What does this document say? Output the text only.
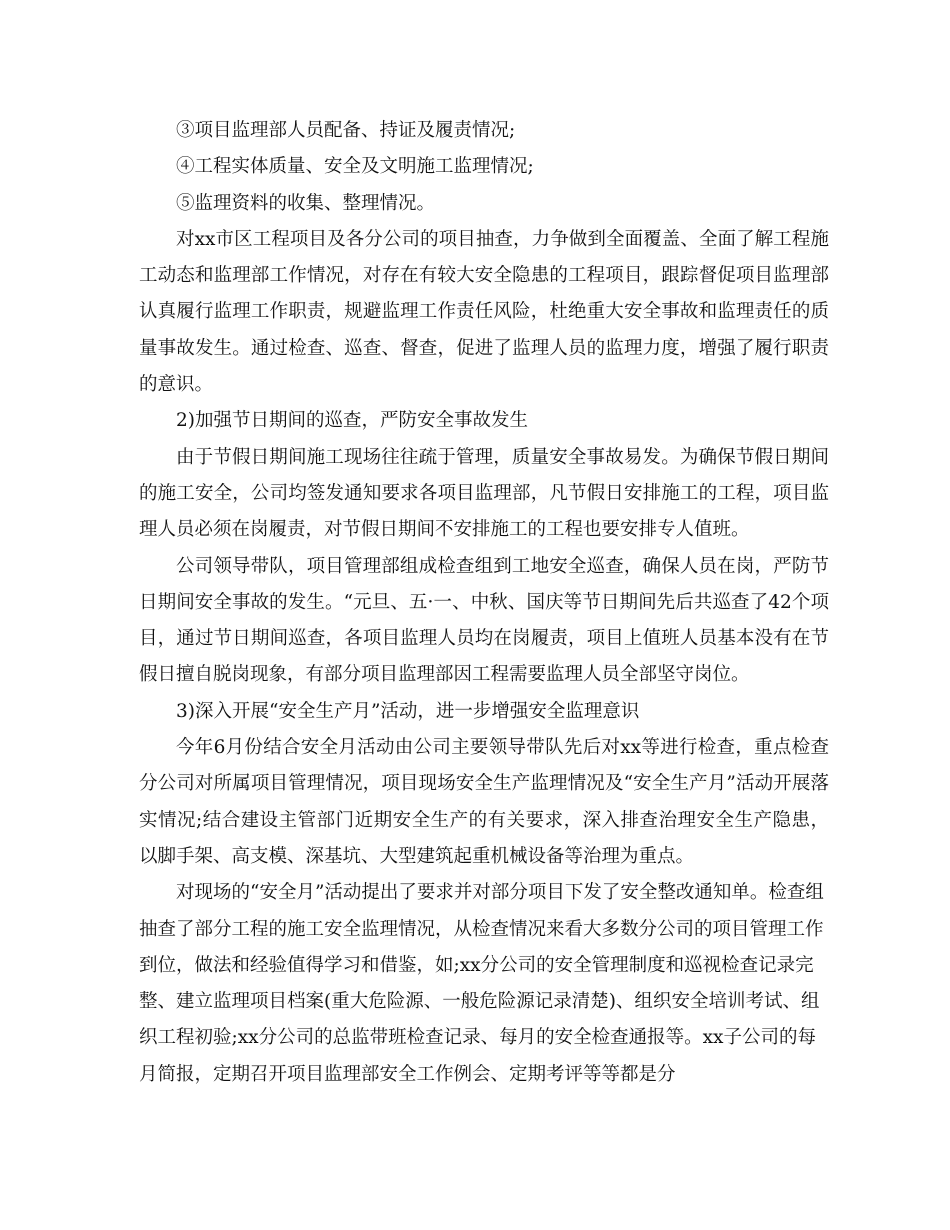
③项目监理部人员配备、持证及履责情况;

④工程实体质量、安全及文明施工监理情况;

⑤监理资料的收集、整理情况。

对xx市区工程项目及各分公司的项目抽查，力争做到全面覆盖、全面了解工程施工动态和监理部工作情况，对存在有较大安全隐患的工程项目，跟踪督促项目监理部认真履行监理工作职责，规避监理工作责任风险，杜绝重大安全事故和监理责任的质量事故发生。通过检查、巡查、督查，促进了监理人员的监理力度，增强了履行职责的意识。

2)加强节日期间的巡查，严防安全事故发生

由于节假日期间施工现场往往疏于管理，质量安全事故易发。为确保节假日期间的施工安全，公司均签发通知要求各项目监理部，凡节假日安排施工的工程，项目监理人员必须在岗履责，对节假日期间不安排施工的工程也要安排专人值班。

公司领导带队，项目管理部组成检查组到工地安全巡查，确保人员在岗，严防节日期间安全事故的发生。“元旦、五·一、中秋、国庆等节日期间先后共巡查了42个项目，通过节日期间巡查，各项目监理人员均在岗履责，项目上值班人员基本没有在节假日擅自脱岗现象，有部分项目监理部因工程需要监理人员全部坚守岗位。

3)深入开展“安全生产月”活动，进一步增强安全监理意识

今年6月份结合安全月活动由公司主要领导带队先后对xx等进行检查，重点检查分公司对所属项目管理情况，项目现场安全生产监理情况及“安全生产月”活动开展落实情况;结合建设主管部门近期安全生产的有关要求，深入排查治理安全生产隐患，以脚手架、高支模、深基坑、大型建筑起重机械设备等治理为重点。

对现场的“安全月”活动提出了要求并对部分项目下发了安全整改通知单。检查组抽查了部分工程的施工安全监理情况，从检查情况来看大多数分公司的项目管理工作到位，做法和经验值得学习和借鉴，如;xx分公司的安全管理制度和巡视检查记录完整、建立监理项目档案(重大危险源、一般危险源记录清楚)、组织安全培训考试、组织工程初验;xx分公司的总监带班检查记录、每月的安全检查通报等。xx子公司的每月简报，定期召开项目监理部安全工作例会、定期考评等等都是分
